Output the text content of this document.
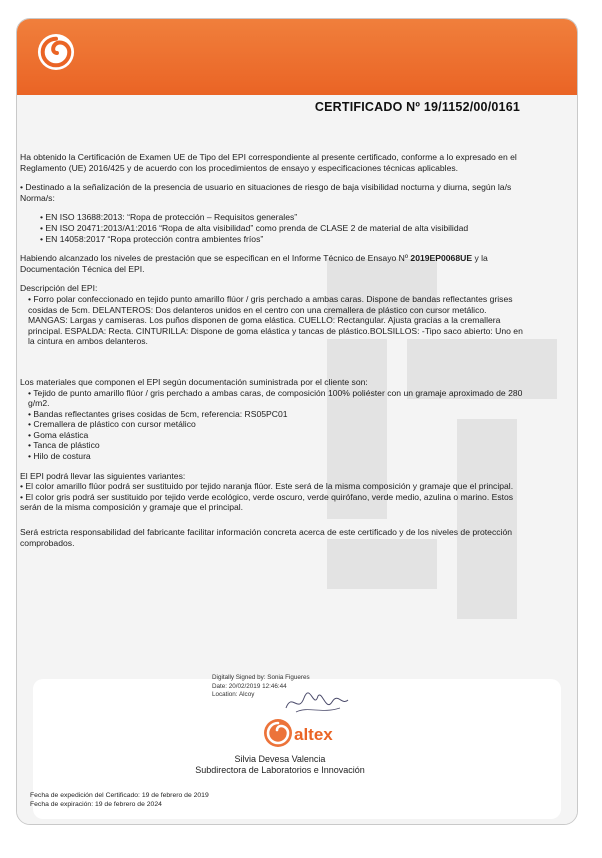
CERTIFICADO Nº 19/1152/00/0161

Ha obtenido la Certificación de Examen UE de Tipo del EPI correspondiente al presente certificado, conforme a lo expresado en el Reglamento (UE) 2016/425 y de acuerdo con los procedimientos de ensayo y especificaciones técnicas aplicables.

• Destinado a la señalización de la presencia de usuario en situaciones de riesgo de baja visibilidad nocturna y diurna, según la/s Norma/s:

• EN ISO 13688:2013: “Ropa de protección – Requisitos generales”
• EN ISO 20471:2013/A1:2016 “Ropa de alta visibilidad” como prenda de CLASE 2 de material de alta visibilidad
• EN 14058:2017 “Ropa protección contra ambientes fríos”

Habiendo alcanzado los niveles de prestación que se especifican en el Informe Técnico de Ensayo Nº 2019EP0068UE y la Documentación Técnica del EPI.

Descripción del EPI:

• Forro polar confeccionado en tejido punto amarillo flúor / gris perchado a ambas caras. Dispone de bandas reflectantes grises cosidas de 5cm. DELANTEROS: Dos delanteros unidos en el centro con una cremallera de plástico con cursor metálico. MANGAS: Largas y camiseras. Los puños disponen de goma elástica. CUELLO: Rectangular. Ajusta gracias a la cremallera principal. ESPALDA: Recta. CINTURILLA: Dispone de goma elástica y tancas de plástico.BOLSILLOS: -Tipo saco abierto: Uno en la cintura en ambos delanteros.

Los materiales que componen el EPI según documentación suministrada por el cliente son:
• Tejido de punto amarillo flúor / gris perchado a ambas caras, de composición 100% poliéster con un gramaje aproximado de 280 g/m2.
• Bandas reflectantes grises cosidas de 5cm, referencia: RS05PC01
• Cremallera de plástico con cursor metálico
• Goma elástica
• Tanca de plástico
• Hilo de costura
El EPI podrá llevar las siguientes variantes:
• El color amarillo flúor podrá ser sustituido por tejido naranja flúor. Este será de la misma composición y gramaje que el principal.

• El color gris podrá ser sustituido por tejido verde ecológico, verde oscuro, verde quirófano, verde medio, azulina o marino. Estos serán de la misma composición y gramaje que el principal.

Será estricta responsabilidad del fabricante facilitar información concreta acerca de este certificado y de los niveles de protección comprobados.

Digitally Signed by: Sonia Figueres
Date: 20/02/2019 12:46:44
Location: Alcoy
altex
Silvia Devesa Valencia
Subdirectora de Laboratorios e Innovación
Fecha de expedición del Certificado: 19 de febrero de 2019
Fecha de expiración: 19 de febrero de 2024
